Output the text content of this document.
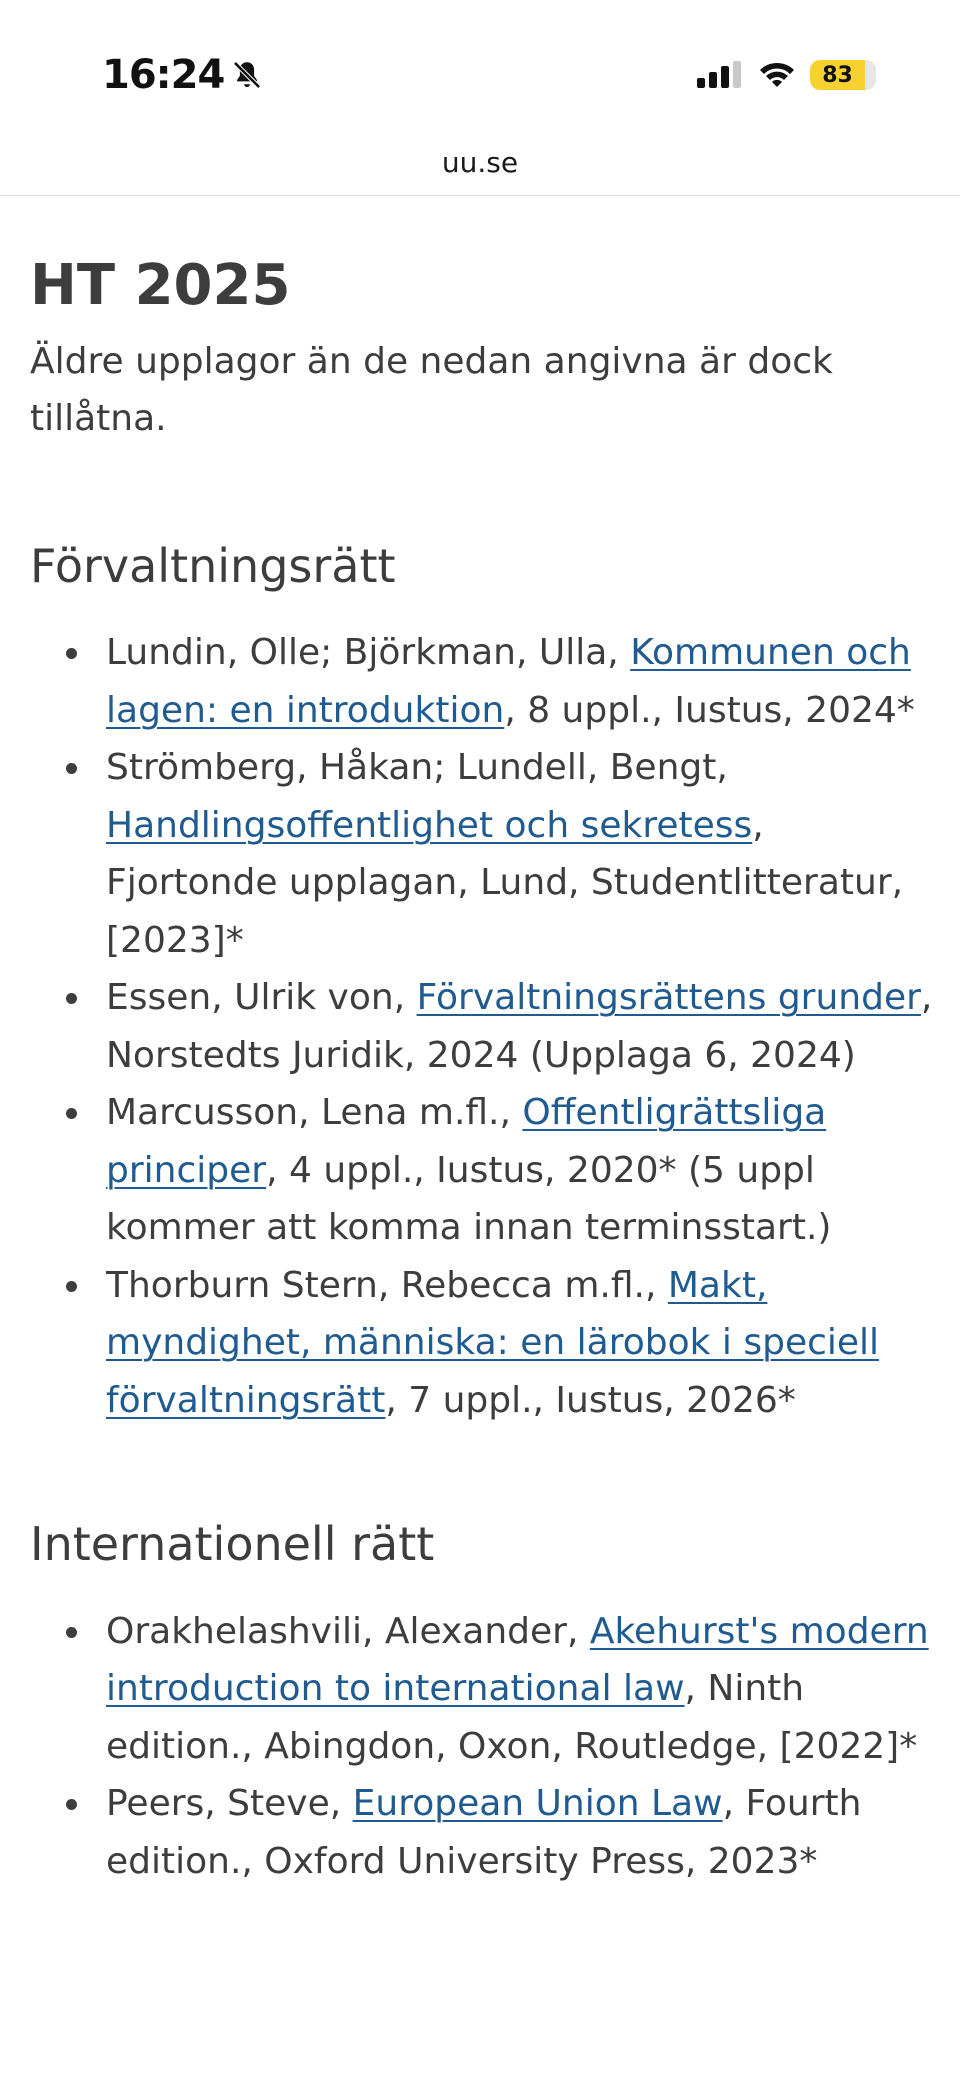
16:24	83
uu.se
HT 2025

Äldre upplagor än de nedan angivna är dock tillåtna.

Förvaltningsrätt
Lundin, Olle; Björkman, Ulla, Kommunen och lagen: en introduktion, 8 uppl., Iustus, 2024*
Strömberg, Håkan; Lundell, Bengt, Handlingsoffentlighet och sekretess, Fjortonde upplagan, Lund, Studentlitteratur, [2023]*
Essen, Ulrik von, Förvaltningsrättens grunder, Norstedts Juridik, 2024 (Upplaga 6, 2024)
Marcusson, Lena m.fl., Offentligrättsliga principer, 4 uppl., Iustus, 2020* (5 uppl kommer att komma innan terminsstart.)
Thorburn Stern, Rebecca m.fl., Makt, myndighet, människa: en lärobok i speciell förvaltningsrätt, 7 uppl., Iustus, 2026*
Internationell rätt
Orakhelashvili, Alexander, Akehurst's modern introduction to international law, Ninth edition., Abingdon, Oxon, Routledge, [2022]*
Peers, Steve, European Union Law, Fourth edition., Oxford University Press, 2023*
